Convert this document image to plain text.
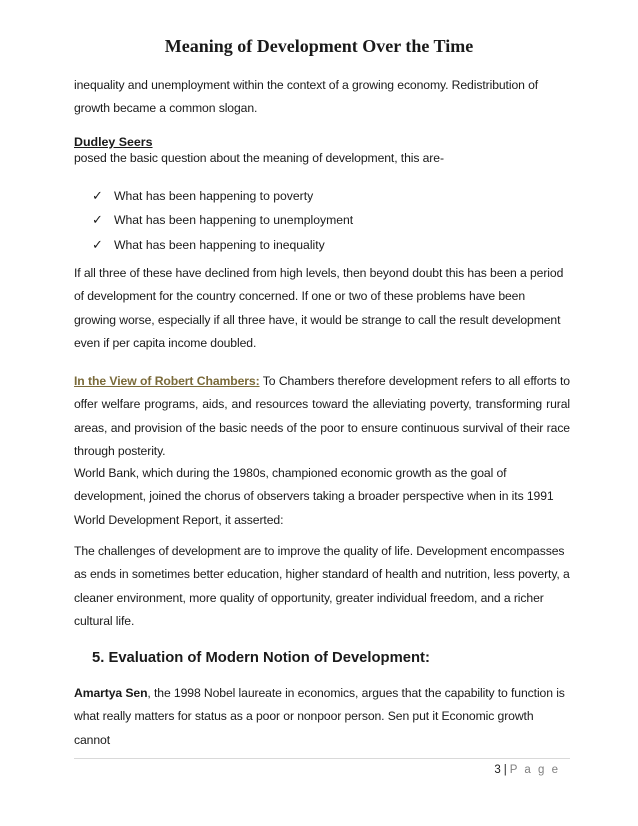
Meaning of Development Over the Time

inequality and unemployment within the context of a growing economy. Redistribution of growth became a common slogan.

Dudley Seers

posed the basic question about the meaning of development, this are-

✓ What has been happening to poverty
✓ What has been happening to unemployment
✓ What has been happening to inequality

If all three of these have declined from high levels, then beyond doubt this has been a period of development for the country concerned. If one or two of these problems have been growing worse, especially if all three have, it would be strange to call the result development even if per capita income doubled.

In the View of Robert Chambers: To Chambers therefore development refers to all efforts to offer welfare programs, aids, and resources toward the alleviating poverty, transforming rural areas, and provision of the basic needs of the poor to ensure continuous survival of their race through posterity.

World Bank, which during the 1980s, championed economic growth as the goal of development, joined the chorus of observers taking a broader perspective when in its 1991 World Development Report, it asserted:

The challenges of development are to improve the quality of life. Development encompasses as ends in sometimes better education, higher standard of health and nutrition, less poverty, a cleaner environment, more quality of opportunity, greater individual freedom, and a richer cultural life.

5. Evaluation of Modern Notion of Development:

Amartya Sen, the 1998 Nobel laureate in economics, argues that the capability to function is what really matters for status as a poor or nonpoor person. Sen put it Economic growth cannot

3 | P a g e
